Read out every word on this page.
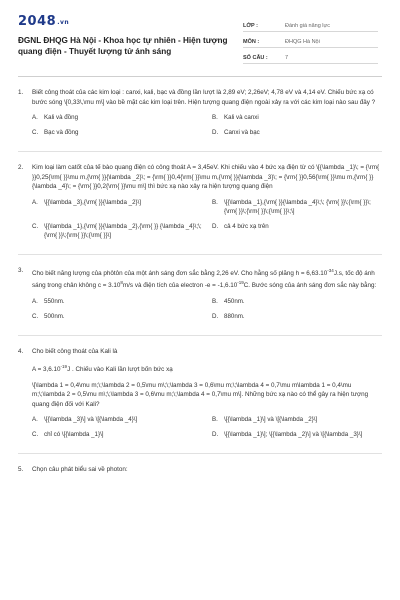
2048.vn
ĐGNL ĐHQG Hà Nội - Khoa học tự nhiên - Hiện tượng quang điện - Thuyết lượng tử ánh sáng
LỚP :	Đánh giá năng lực
MÔN :	ĐHQG Hà Nội
SỐ CÂU :	7
1. Biết công thoát của các kim loại : canxi, kali, bạc và đồng lần lượt là 2,89 eV; 2,26eV; 4,78 eV và 4,14 eV. Chiếu bức xạ có bước sóng \[0,33\,\mu m\] vào bề mặt các kim loại trên. Hiện tượng quang điện ngoài xảy ra với các kim loại nào sau đây ?

A. Kali và đồng	B. Kali và canxi
C. Bạc và đồng	D. Canxi và bạc
2. Kim loại làm catốt của tế bào quang điện có công thoát A = 3,45eV. Khi chiếu vào 4 bức xạ điện từ có \[{\lambda _1}\; = {\rm{ }}0,25{\rm{ }}\mu m,{\rm{ }}{\lambda _2}\; = {\rm{ }}0,4{\rm{ }}\mu m,{\rm{ }}{\lambda _3}\; = {\rm{ }}0,56{\rm{ }}\mu m,{\rm{ }}{\lambda _4}\; = {\rm{ }}0,2{\rm{ }}\mu m\] thì bức xạ nào xảy ra hiện tượng quang điện

A. \[{\lambda _3},{\rm{ }}{\lambda _2}\]	B. \[{\lambda _1},{\rm{ }}{\lambda _4}\;\; {\rm{ }}\;{\rm{ }}\;{\rm{ }}\;{\rm{ }}\;{\rm{ }}\;\]
C. \[{\lambda _1},{\rm{ }}{\lambda _2},{\rm{ }} {\lambda _4}\;\;{\rm{ }}\;{\rm{ }}\;{\rm{ }}\]
D. cả 4 bức xạ trên
3. Cho biết năng lượng của phôtôn của một ánh sáng đơn sắc bằng 2,26 eV. Cho hằng số plăng $h = 6,63.10^{-34}J.s$, tốc độ ánh sáng trong chân không $c = 3.10^8m/s$ và điện tích của electron $-e = -1,6.10^{-19}C$. Bước sóng của ánh sáng đơn sắc này bằng:

A. 550nm.	B. 450nm.
C. 500nm.	D. 880nm.
4. Cho biết công thoát của Kali là

$A = 3,6.10^{-19}J$ . Chiếu vào Kali lần lượt bốn bức xạ

\[\lambda 1 = 0,4\mu m;\;\lambda 2 = 0,5\mu m\;\;\lambda 3 = 0,6\mu m;\;\lambda 4 = 0,7\mu m\lambda 1 = 0,4\mu m;\;\lambda 2 = 0,5\mu m\;\;\lambda 3 = 0,6\mu m;\;\lambda 4 = 0,7\mu m\]. Những bức xạ nào có thể gây ra hiện tượng quang điện đối với Kali?

A. \[{\lambda _3}\] và \[{\lambda _4}\]	B. \[{\lambda _1}\] và \[{\lambda _2}\]
C. chỉ có \[{\lambda _1}\]	D. \[{\lambda _1}\]; \[{\lambda _2}\] và \[{\lambda _3}\]
5. Chọn câu phát biểu sai về photon:
